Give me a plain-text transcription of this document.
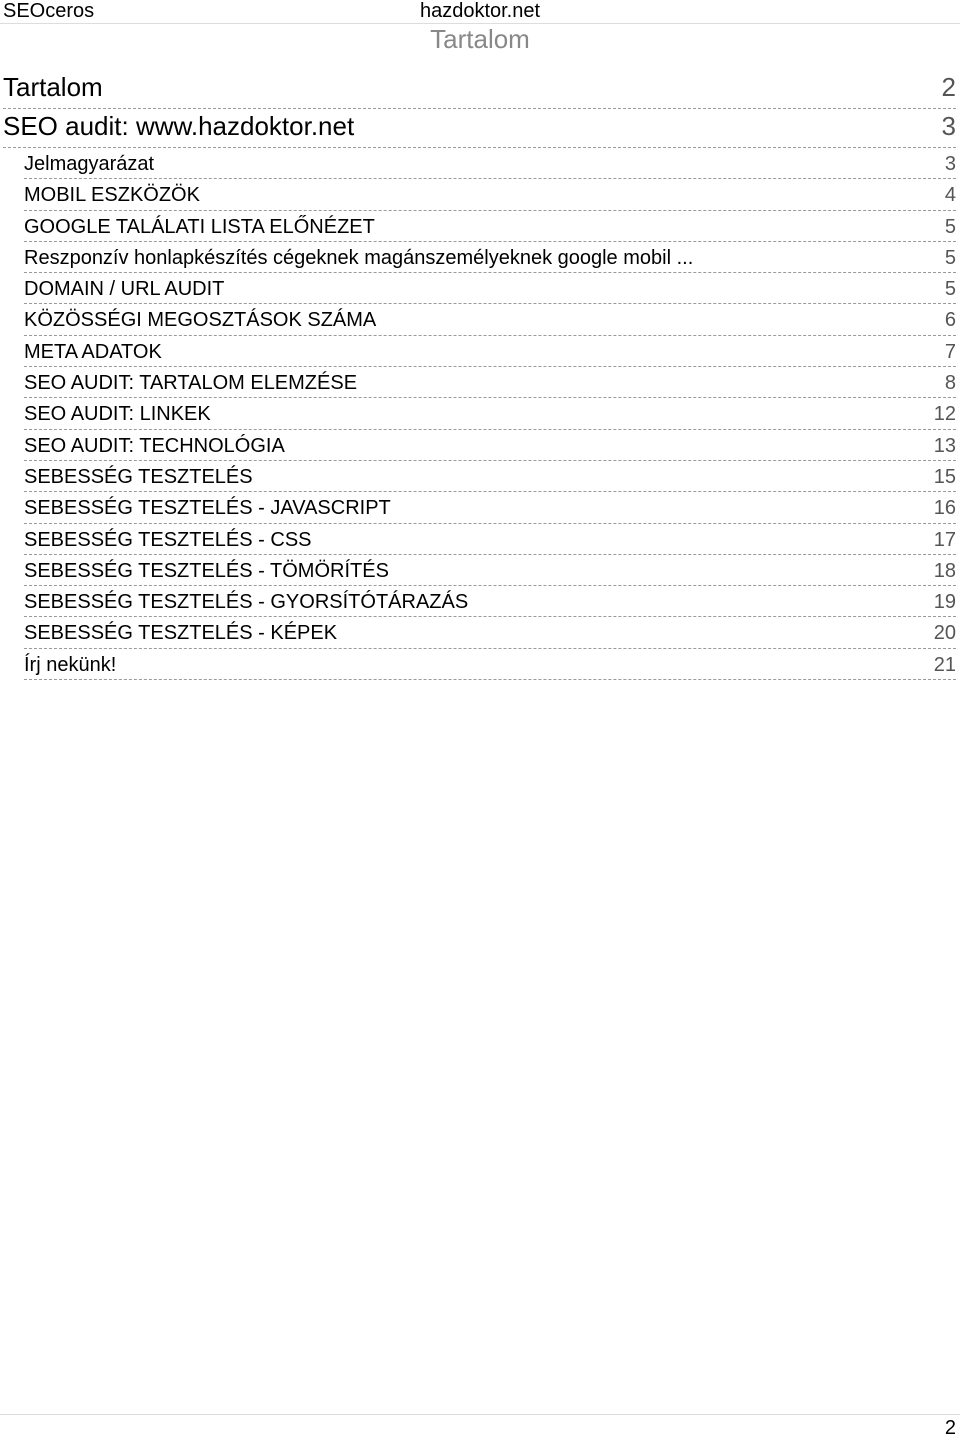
SEOceros	hazdoktor.net
Tartalom
Tartalom	2
SEO audit: www.hazdoktor.net	3
Jelmagyarázat	3
MOBIL ESZKÖZÖK	4
GOOGLE TALÁLATI LISTA ELŐNÉZET	5
Reszponzív honlapkészítés cégeknek magánszemélyeknek google mobil ...	5
DOMAIN / URL AUDIT	5
KÖZÖSSÉGI MEGOSZTÁSOK SZÁMA	6
META ADATOK	7
SEO AUDIT: TARTALOM ELEMZÉSE	8
SEO AUDIT: LINKEK	12
SEO AUDIT: TECHNOLÓGIA	13
SEBESSÉG TESZTELÉS	15
SEBESSÉG TESZTELÉS - JAVASCRIPT	16
SEBESSÉG TESZTELÉS - CSS	17
SEBESSÉG TESZTELÉS - TÖMÖRÍTÉS	18
SEBESSÉG TESZTELÉS - GYORSÍTÓTÁRAZÁS	19
SEBESSÉG TESZTELÉS - KÉPEK	20
Írj nekünk!	21
2
